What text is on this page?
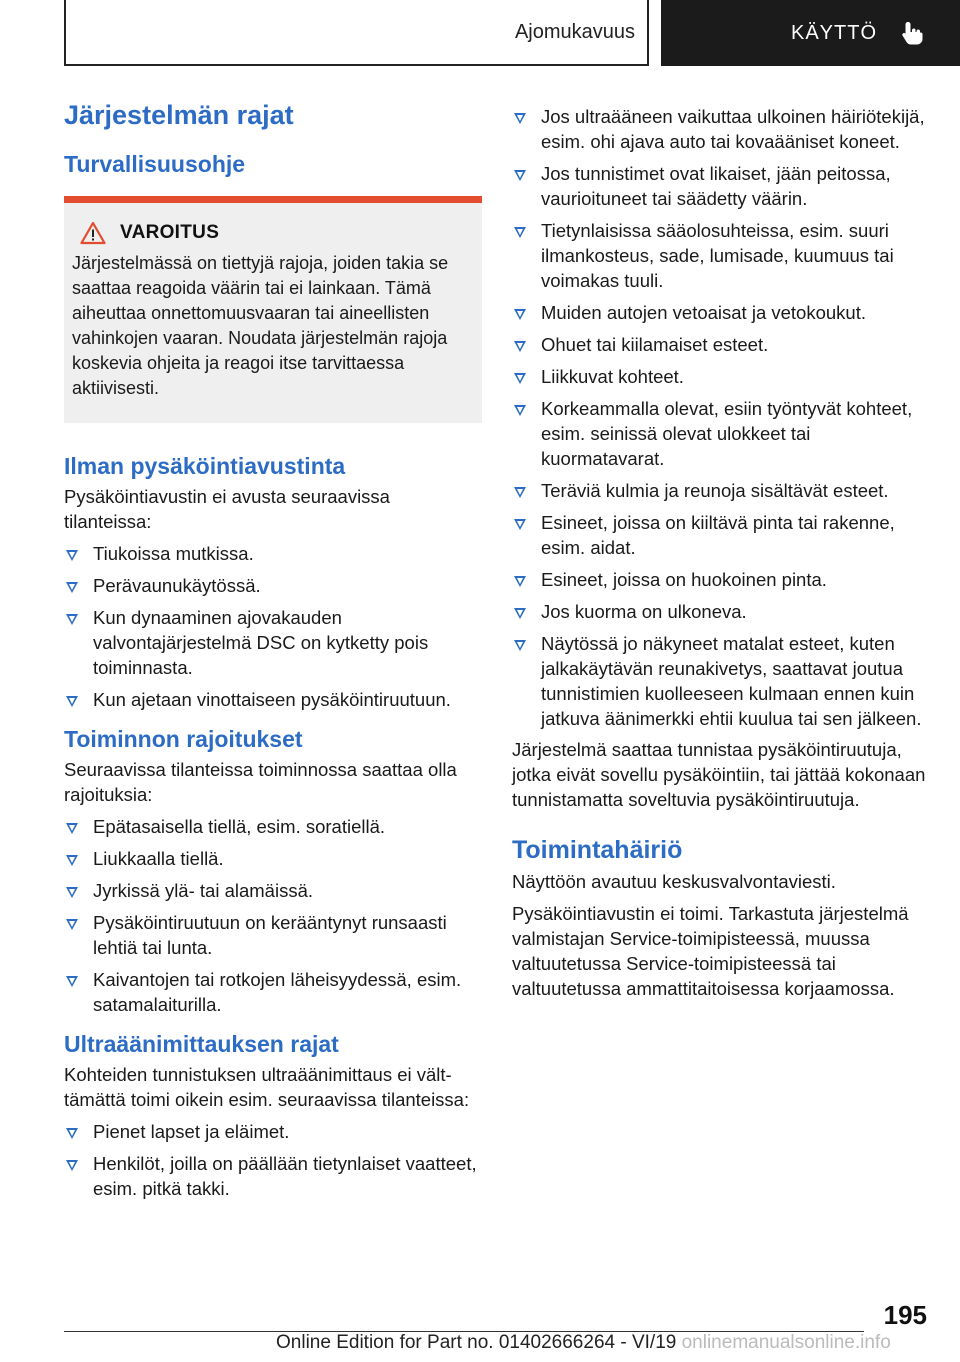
Ajomukavuus	KÄYTTÖ
Järjestelmän rajat
Turvallisuusohje
VAROITUS

Järjestelmässä on tiettyjä rajoja, joiden takia se saattaa reagoida väärin tai ei lainkaan. Tämä aiheuttaa onnettomuusvaaran tai aineellisten vahinkojen vaaran. Noudata järjestelmän rajoja koskevia ohjeita ja reagoi itse tarvittaessa aktiivisesti.

Ilman pysäköintiavustinta

Pysäköintiavustin ei avusta seuraavissa tilanteissa:

Tiukoissa mutkissa.
Perävaunukäytössä.
Kun dynaaminen ajovakauden valvontajärjestelmä DSC on kytketty pois toiminnasta.
Kun ajetaan vinottaiseen pysäköintiruutuun.
Toiminnon rajoitukset

Seuraavissa tilanteissa toiminnossa saattaa olla rajoituksia:

Epätasaisella tiellä, esim. soratiellä.
Liukkaalla tiellä.
Jyrkissä ylä- tai alamäissä.
Pysäköintiruutuun on kerääntynyt runsaasti lehtiä tai lunta.
Kaivantojen tai rotkojen läheisyydessä, esim. satamalaiturilla.
Ultraäänimittauksen rajat

Kohteiden tunnistuksen ultraäänimittaus ei välttämättä toimi oikein esim. seuraavissa tilanteissa:

Pienet lapset ja eläimet.
Henkilöt, joilla on päällään tietynlaiset vaatteet, esim. pitkä takki.
Jos ultraääneen vaikuttaa ulkoinen häiriötekijä, esim. ohi ajava auto tai kovaääniset koneet.
Jos tunnistimet ovat likaiset, jään peitossa, vaurioituneet tai säädetty väärin.
Tietynlaisissa sääolosuhteissa, esim. suuri ilmankosteus, sade, lumisade, kuumuus tai voimakas tuuli.
Muiden autojen vetoaisat ja vetokoukut.
Ohuet tai kiilamaiset esteet.
Liikkuvat kohteet.
Korkeammalla olevat, esiin työntyvät kohteet, esim. seinissä olevat ulokkeet tai kuormatavarat.
Teräviä kulmia ja reunoja sisältävät esteet.
Esineet, joissa on kiiltävä pinta tai rakenne, esim. aidat.
Esineet, joissa on huokoinen pinta.
Jos kuorma on ulkoneva.
Näytössä jo näkyneet matalat esteet, kuten jalkakäytävän reunakivetys, saattavat joutua tunnistimien kuolleeseen kulmaan ennen kuin jatkuva äänimerkki ehtii kuulua tai sen jälkeen.

Järjestelmä saattaa tunnistaa pysäköintiruutuja, jotka eivät sovellu pysäköintiin, tai jättää kokonaan tunnistamatta soveltuvia pysäköintiruutuja.

Toimintahäiriö

Näyttöön avautuu keskusvalvontaviesti.

Pysäköintiavustin ei toimi. Tarkastuta järjestelmä valmistajan Service-toimipisteessä, muussa valtuutetussa Service-toimipisteessä tai valtuutetussa ammattitaitoisessa korjaamossa.

195
Online Edition for Part no. 01402666264 - VI/19 onlinemanualsonline.info
